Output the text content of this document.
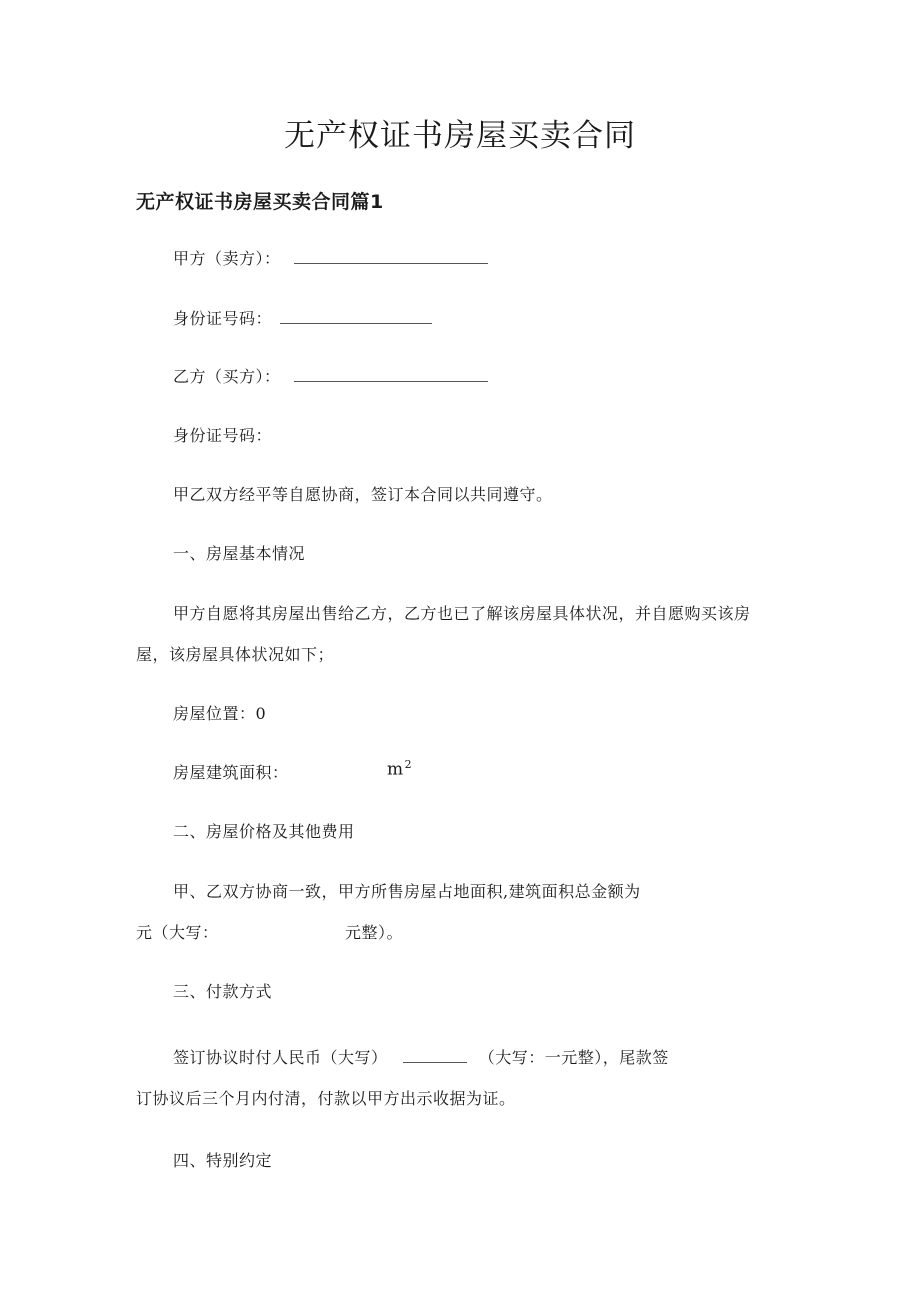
无产权证书房屋买卖合同
无产权证书房屋买卖合同篇1
甲方（卖方）：
身份证号码：
乙方（买方）：
身份证号码：
甲乙双方经平等自愿协商，签订本合同以共同遵守。
一、房屋基本情况
甲方自愿将其房屋出售给乙方，乙方也已了解该房屋具体状况，并自愿购买该房
屋，该房屋具体状况如下；
房屋位置：0
房屋建筑面积：	$m^2$
二、房屋价格及其他费用
甲、乙双方协商一致，甲方所售房屋占地面积,建筑面积总金额为
元（大写：	元整）。
三、付款方式
签订协议时付人民币（大写）	（大写：一元整），尾款签
订协议后三个月内付清，付款以甲方出示收据为证。
四、特别约定
